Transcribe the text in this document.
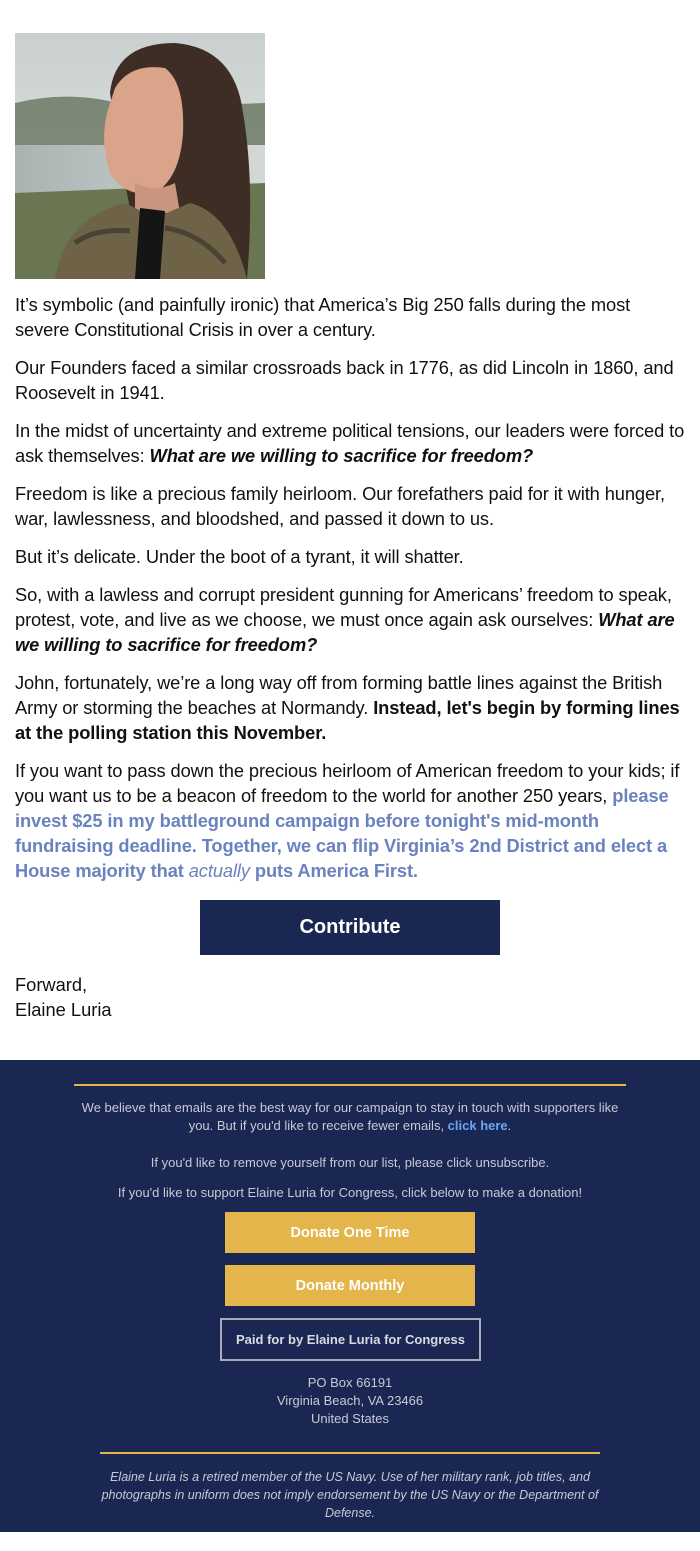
It’s symbolic (and painfully ironic) that America’s Big 250 falls during the most severe Constitutional Crisis in over a century.

Our Founders faced a similar crossroads back in 1776, as did Lincoln in 1860, and Roosevelt in 1941.

In the midst of uncertainty and extreme political tensions, our leaders were forced to ask themselves: What are we willing to sacrifice for freedom?

Freedom is like a precious family heirloom. Our forefathers paid for it with hunger, war, lawlessness, and bloodshed, and passed it down to us.

But it’s delicate. Under the boot of a tyrant, it will shatter.

So, with a lawless and corrupt president gunning for Americans’ freedom to speak, protest, vote, and live as we choose, we must once again ask ourselves: What are we willing to sacrifice for freedom?

John, fortunately, we’re a long way off from forming battle lines against the British Army or storming the beaches at Normandy. Instead, let's begin by forming lines at the polling station this November.

If you want to pass down the precious heirloom of American freedom to your kids; if you want us to be a beacon of freedom to the world for another 250 years, please invest $25 in my battleground campaign before tonight's mid-month fundraising deadline. Together, we can flip Virginia’s 2nd District and elect a House majority that actually puts America First.

Contribute
Forward,
Elaine Luria
We believe that emails are the best way for our campaign to stay in touch with supporters like you. But if you'd like to receive fewer emails, click here.
If you'd like to remove yourself from our list, please click unsubscribe.
If you'd like to support Elaine Luria for Congress, click below to make a donation!
Donate One Time
Donate Monthly
Paid for by Elaine Luria for Congress
PO Box 66191
Virginia Beach, VA 23466
United States
Elaine Luria is a retired member of the US Navy. Use of her military rank, job titles, and photographs in uniform does not imply endorsement by the US Navy or the Department of Defense.
